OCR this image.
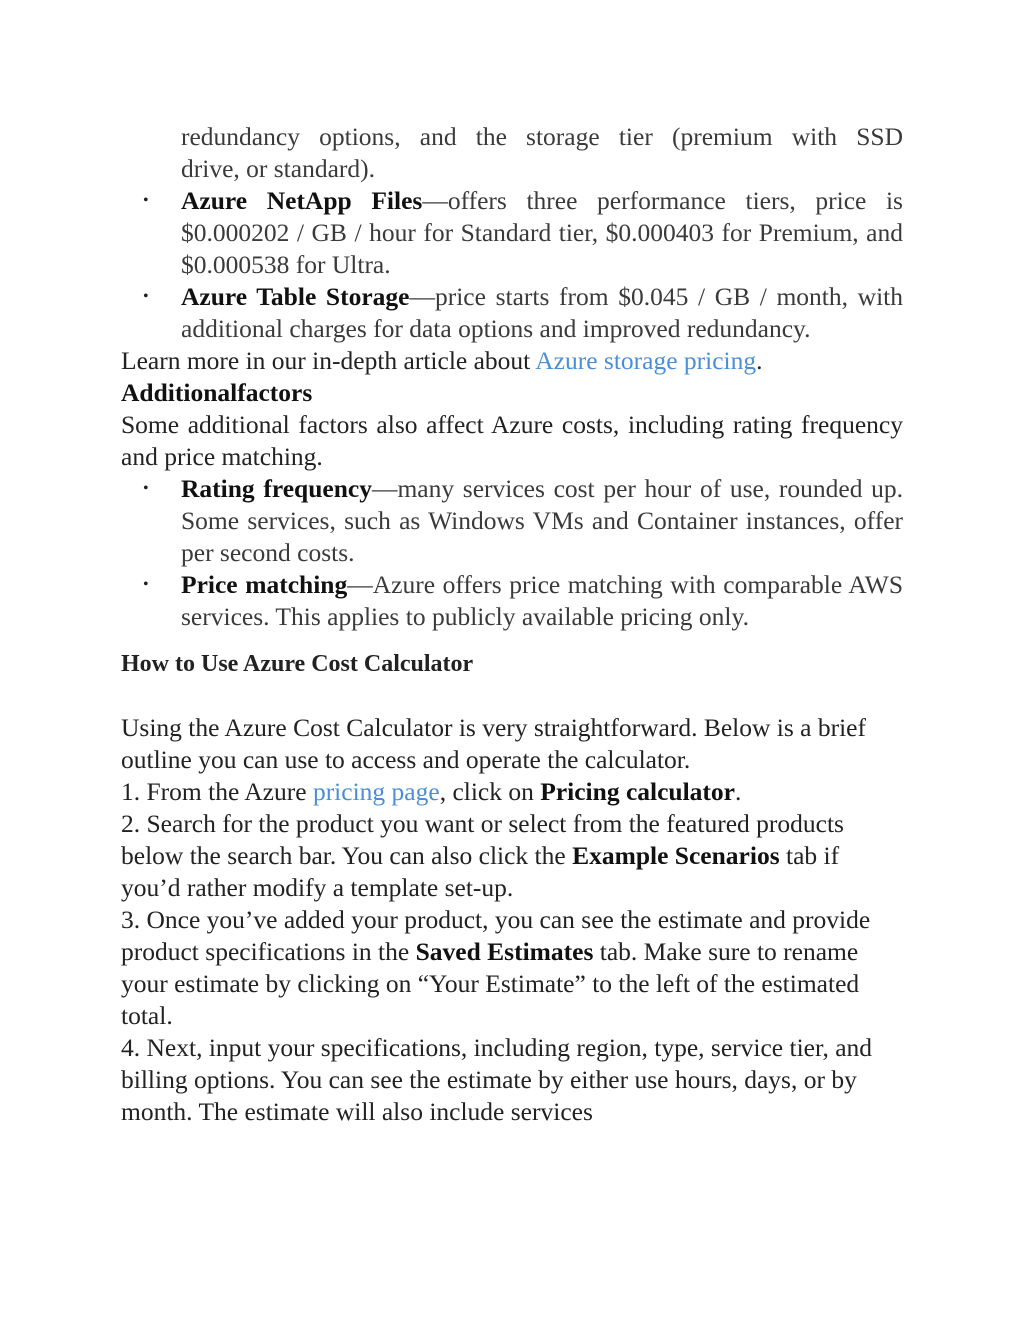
redundancy options, and the storage tier (premium with SSD

drive, or standard).

• Azure NetApp Files—offers three performance tiers, price is $0.000202 / GB / hour for Standard tier, $0.000403 for Premium, and $0.000538 for Ultra.

• Azure Table Storage—price starts from $0.045 / GB / month, with additional charges for data options and improved redundancy.

Learn more in our in-depth article about Azure storage pricing.

Additionalfactors

Some additional factors also affect Azure costs, including rating frequency and price matching.

• Rating frequency—many services cost per hour of use, rounded up. Some services, such as Windows VMs and Container instances, offer per second costs.

• Price matching—Azure offers price matching with comparable AWS services. This applies to publicly available pricing only.

How to Use Azure Cost Calculator

Using the Azure Cost Calculator is very straightforward. Below is a brief outline you can use to access and operate the calculator.

1. From the Azure pricing page, click on Pricing calculator.

2. Search for the product you want or select from the featured products below the search bar. You can also click the Example Scenarios tab if you’d rather modify a template set-up.

3. Once you’ve added your product, you can see the estimate and provide product specifications in the Saved Estimates tab. Make sure to rename your estimate by clicking on “Your Estimate” to the left of the estimated total.

4. Next, input your specifications, including region, type, service tier, and billing options. You can see the estimate by either use hours, days, or by month. The estimate will also include services
